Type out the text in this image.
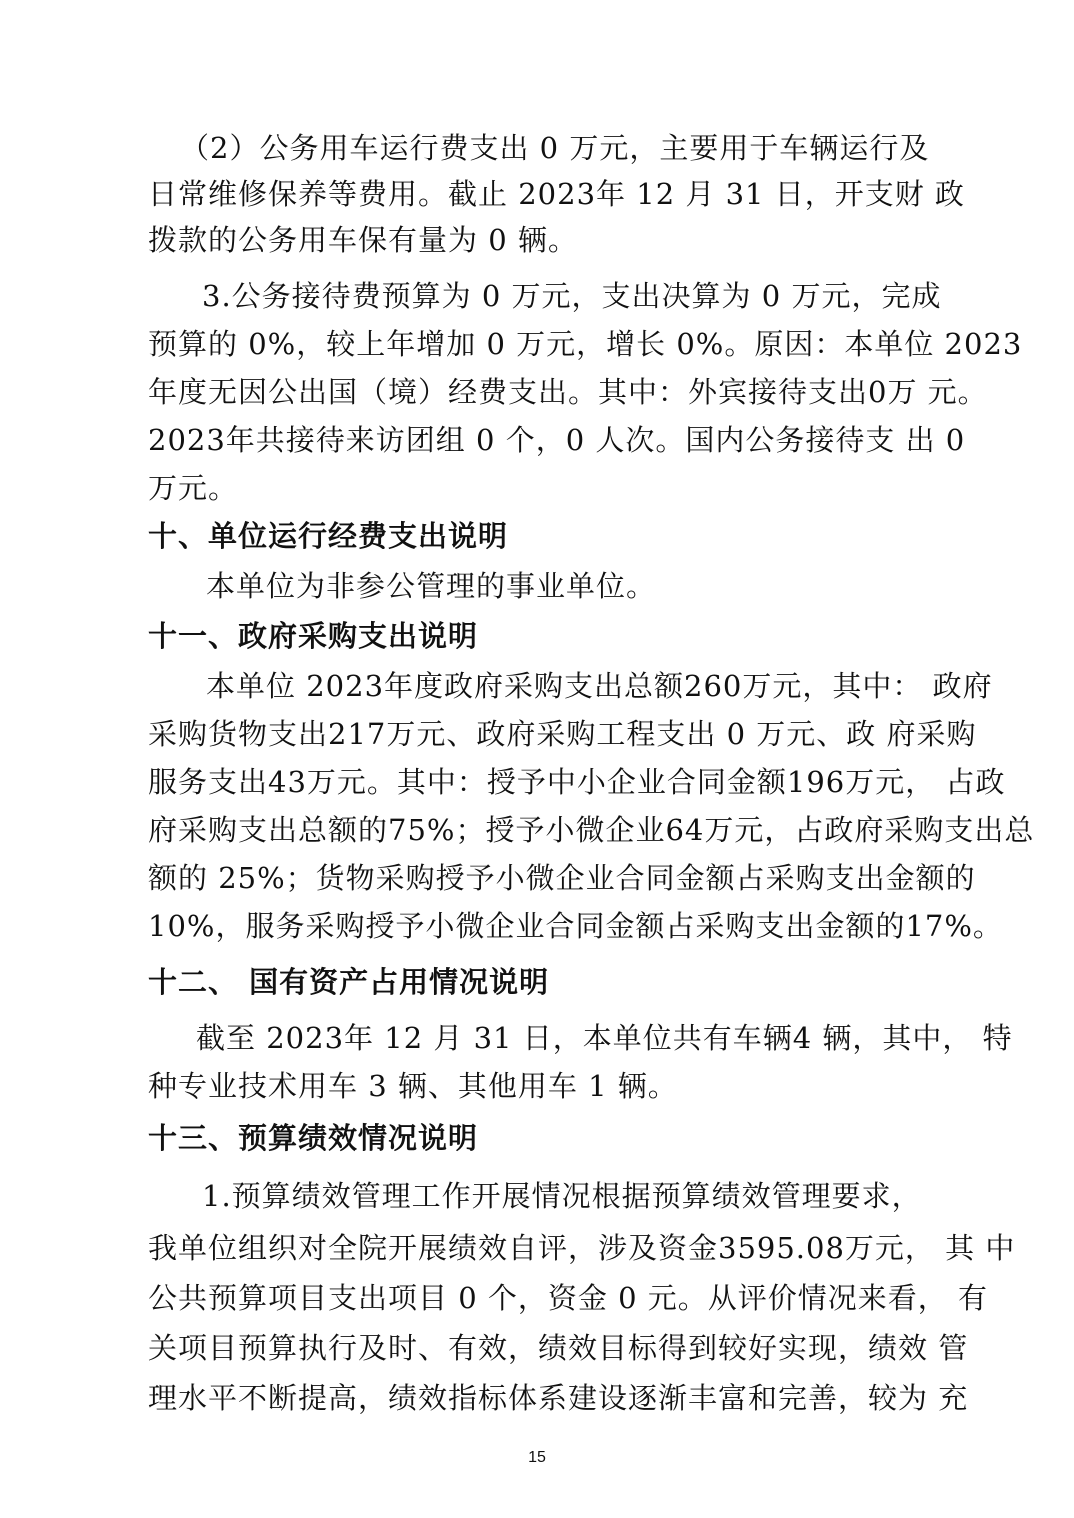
（2）公务用车运行费支出 0 万元，主要用于车辆运行及
日常维修保养等费用。截止 2023年 12 月 31 日，开支财 政
拨款的公务用车保有量为 0 辆。
3.公务接待费预算为 0 万元，支出决算为 0 万元，完成
预算的 0%，较上年增加 0 万元，增长 0%。原因：本单位 2023
年度无因公出国（境）经费支出。其中：外宾接待支出0万 元。
2023年共接待来访团组 0 个，0 人次。国内公务接待支 出 0
万元。
十、单位运行经费支出说明
本单位为非参公管理的事业单位。
十一、政府采购支出说明
本单位 2023年度政府采购支出总额260万元，其中： 政府
采购货物支出217万元、政府采购工程支出 0 万元、政 府采购
服务支出43万元。其中：授予中小企业合同金额196万元， 占政
府采购支出总额的75%；授予小微企业64万元，占政府采购支出总
额的 25%；货物采购授予小微企业合同金额占采购支出金额的
10%，服务采购授予小微企业合同金额占采购支出金额的17%。
十二、 国有资产占用情况说明
截至 2023年 12 月 31 日，本单位共有车辆4 辆，其中， 特
种专业技术用车 3 辆、其他用车 1 辆。
十三、预算绩效情况说明
1.预算绩效管理工作开展情况根据预算绩效管理要求，
我单位组织对全院开展绩效自评，涉及资金3595.08万元， 其 中
公共预算项目支出项目 0 个，资金 0 元。从评价情况来看， 有
关项目预算执行及时、有效，绩效目标得到较好实现，绩效 管
理水平不断提高，绩效指标体系建设逐渐丰富和完善，较为 充
15
